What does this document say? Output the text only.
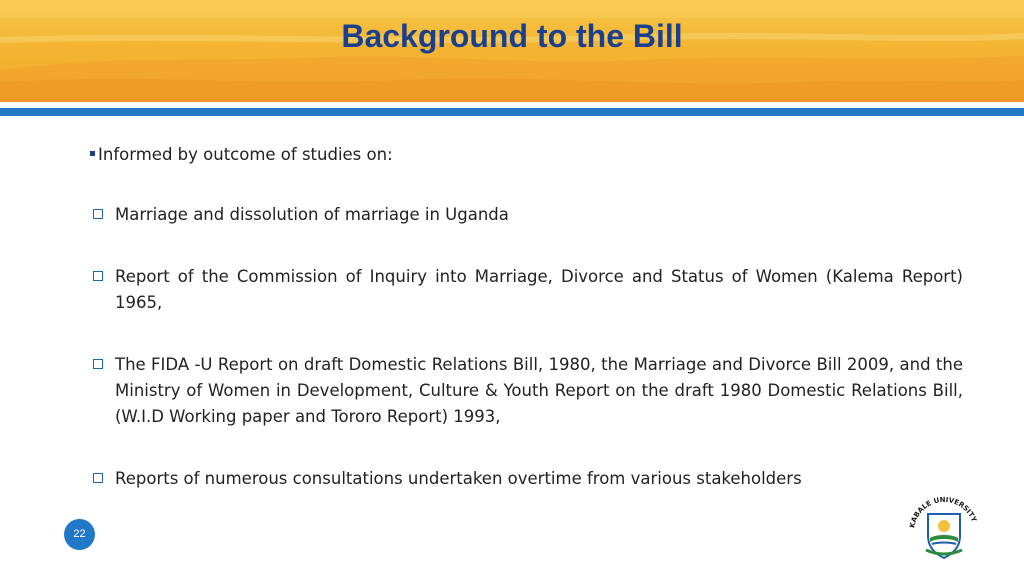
Background to the Bill
Informed by outcome of studies on:
Marriage and dissolution of marriage in Uganda
Report of the Commission of Inquiry into Marriage, Divorce and Status of Women (Kalema Report) 1965,
The FIDA -U Report on draft Domestic Relations Bill, 1980, the Marriage and Divorce Bill 2009, and the Ministry of Women in Development, Culture & Youth Report on the draft 1980 Domestic Relations Bill, (W.I.D Working paper and Tororo Report) 1993,
Reports of numerous consultations undertaken overtime from various stakeholders
22
KABALE UNIVERSITY
